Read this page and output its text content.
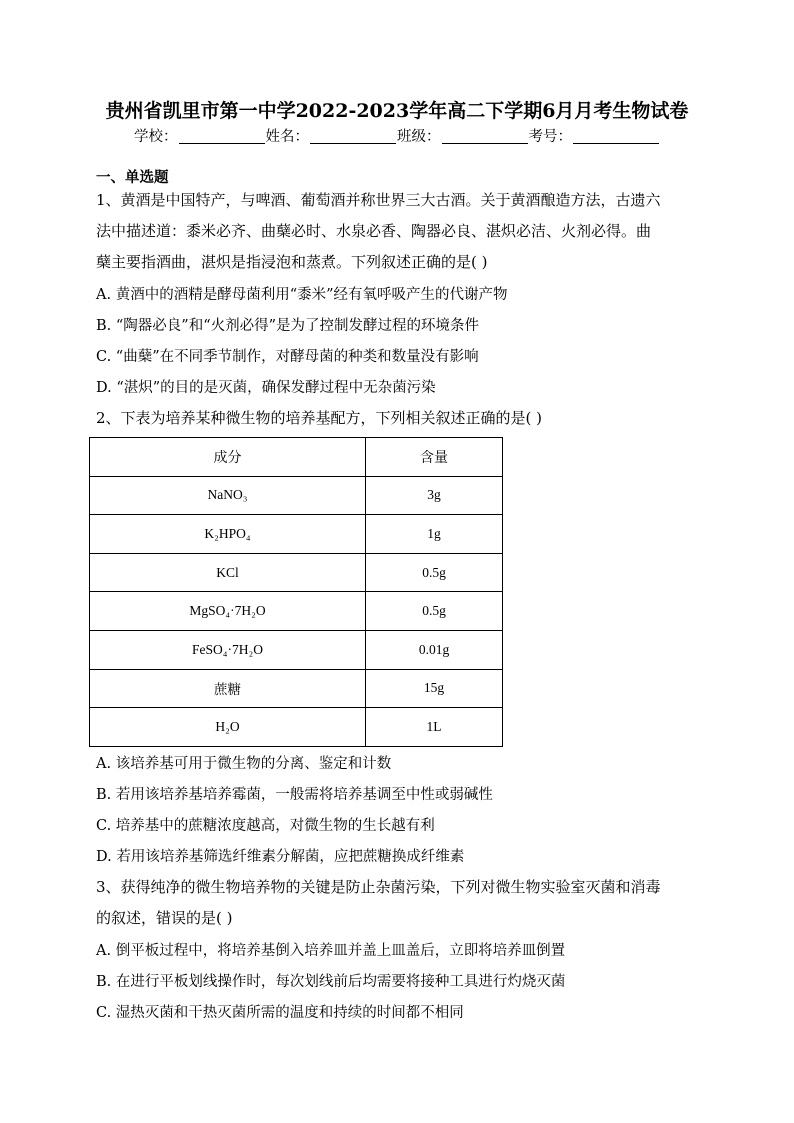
贵州省凯里市第一中学2022-2023学年高二下学期6月月考生物试卷
学校：	姓名：	班级：	考号：
一、单选题
1、黄酒是中国特产，与啤酒、葡萄酒并称世界三大古酒。关于黄酒酿造方法，古遗六
法中描述道：黍米必齐、曲蘖必时、水泉必香、陶器必良、湛炽必洁、火剂必得。曲
蘖主要指酒曲，湛炽是指浸泡和蒸煮。下列叙述正确的是( )
A. 黄酒中的酒精是酵母菌利用“黍米”经有氧呼吸产生的代谢产物
B. “陶器必良”和“火剂必得”是为了控制发酵过程的环境条件
C. “曲蘖”在不同季节制作，对酵母菌的种类和数量没有影响
D. “湛炽”的目的是灭菌，确保发酵过程中无杂菌污染
2、下表为培养某种微生物的培养基配方，下列相关叙述正确的是( )
成分	含量
NaNO₃	3g
K₂HPO₄	1g
KCl	0.5g
MgSO₄·7H₂O	0.5g
FeSO₄·7H₂O	0.01g
蔗糖	15g
H₂O	1L
A. 该培养基可用于微生物的分离、鉴定和计数
B. 若用该培养基培养霉菌，一般需将培养基调至中性或弱碱性
C. 培养基中的蔗糖浓度越高，对微生物的生长越有利
D. 若用该培养基筛选纤维素分解菌，应把蔗糖换成纤维素
3、获得纯净的微生物培养物的关键是防止杂菌污染，下列对微生物实验室灭菌和消毒
的叙述，错误的是( )
A. 倒平板过程中，将培养基倒入培养皿并盖上皿盖后，立即将培养皿倒置
B. 在进行平板划线操作时，每次划线前后均需要将接种工具进行灼烧灭菌
C. 湿热灭菌和干热灭菌所需的温度和持续的时间都不相同
